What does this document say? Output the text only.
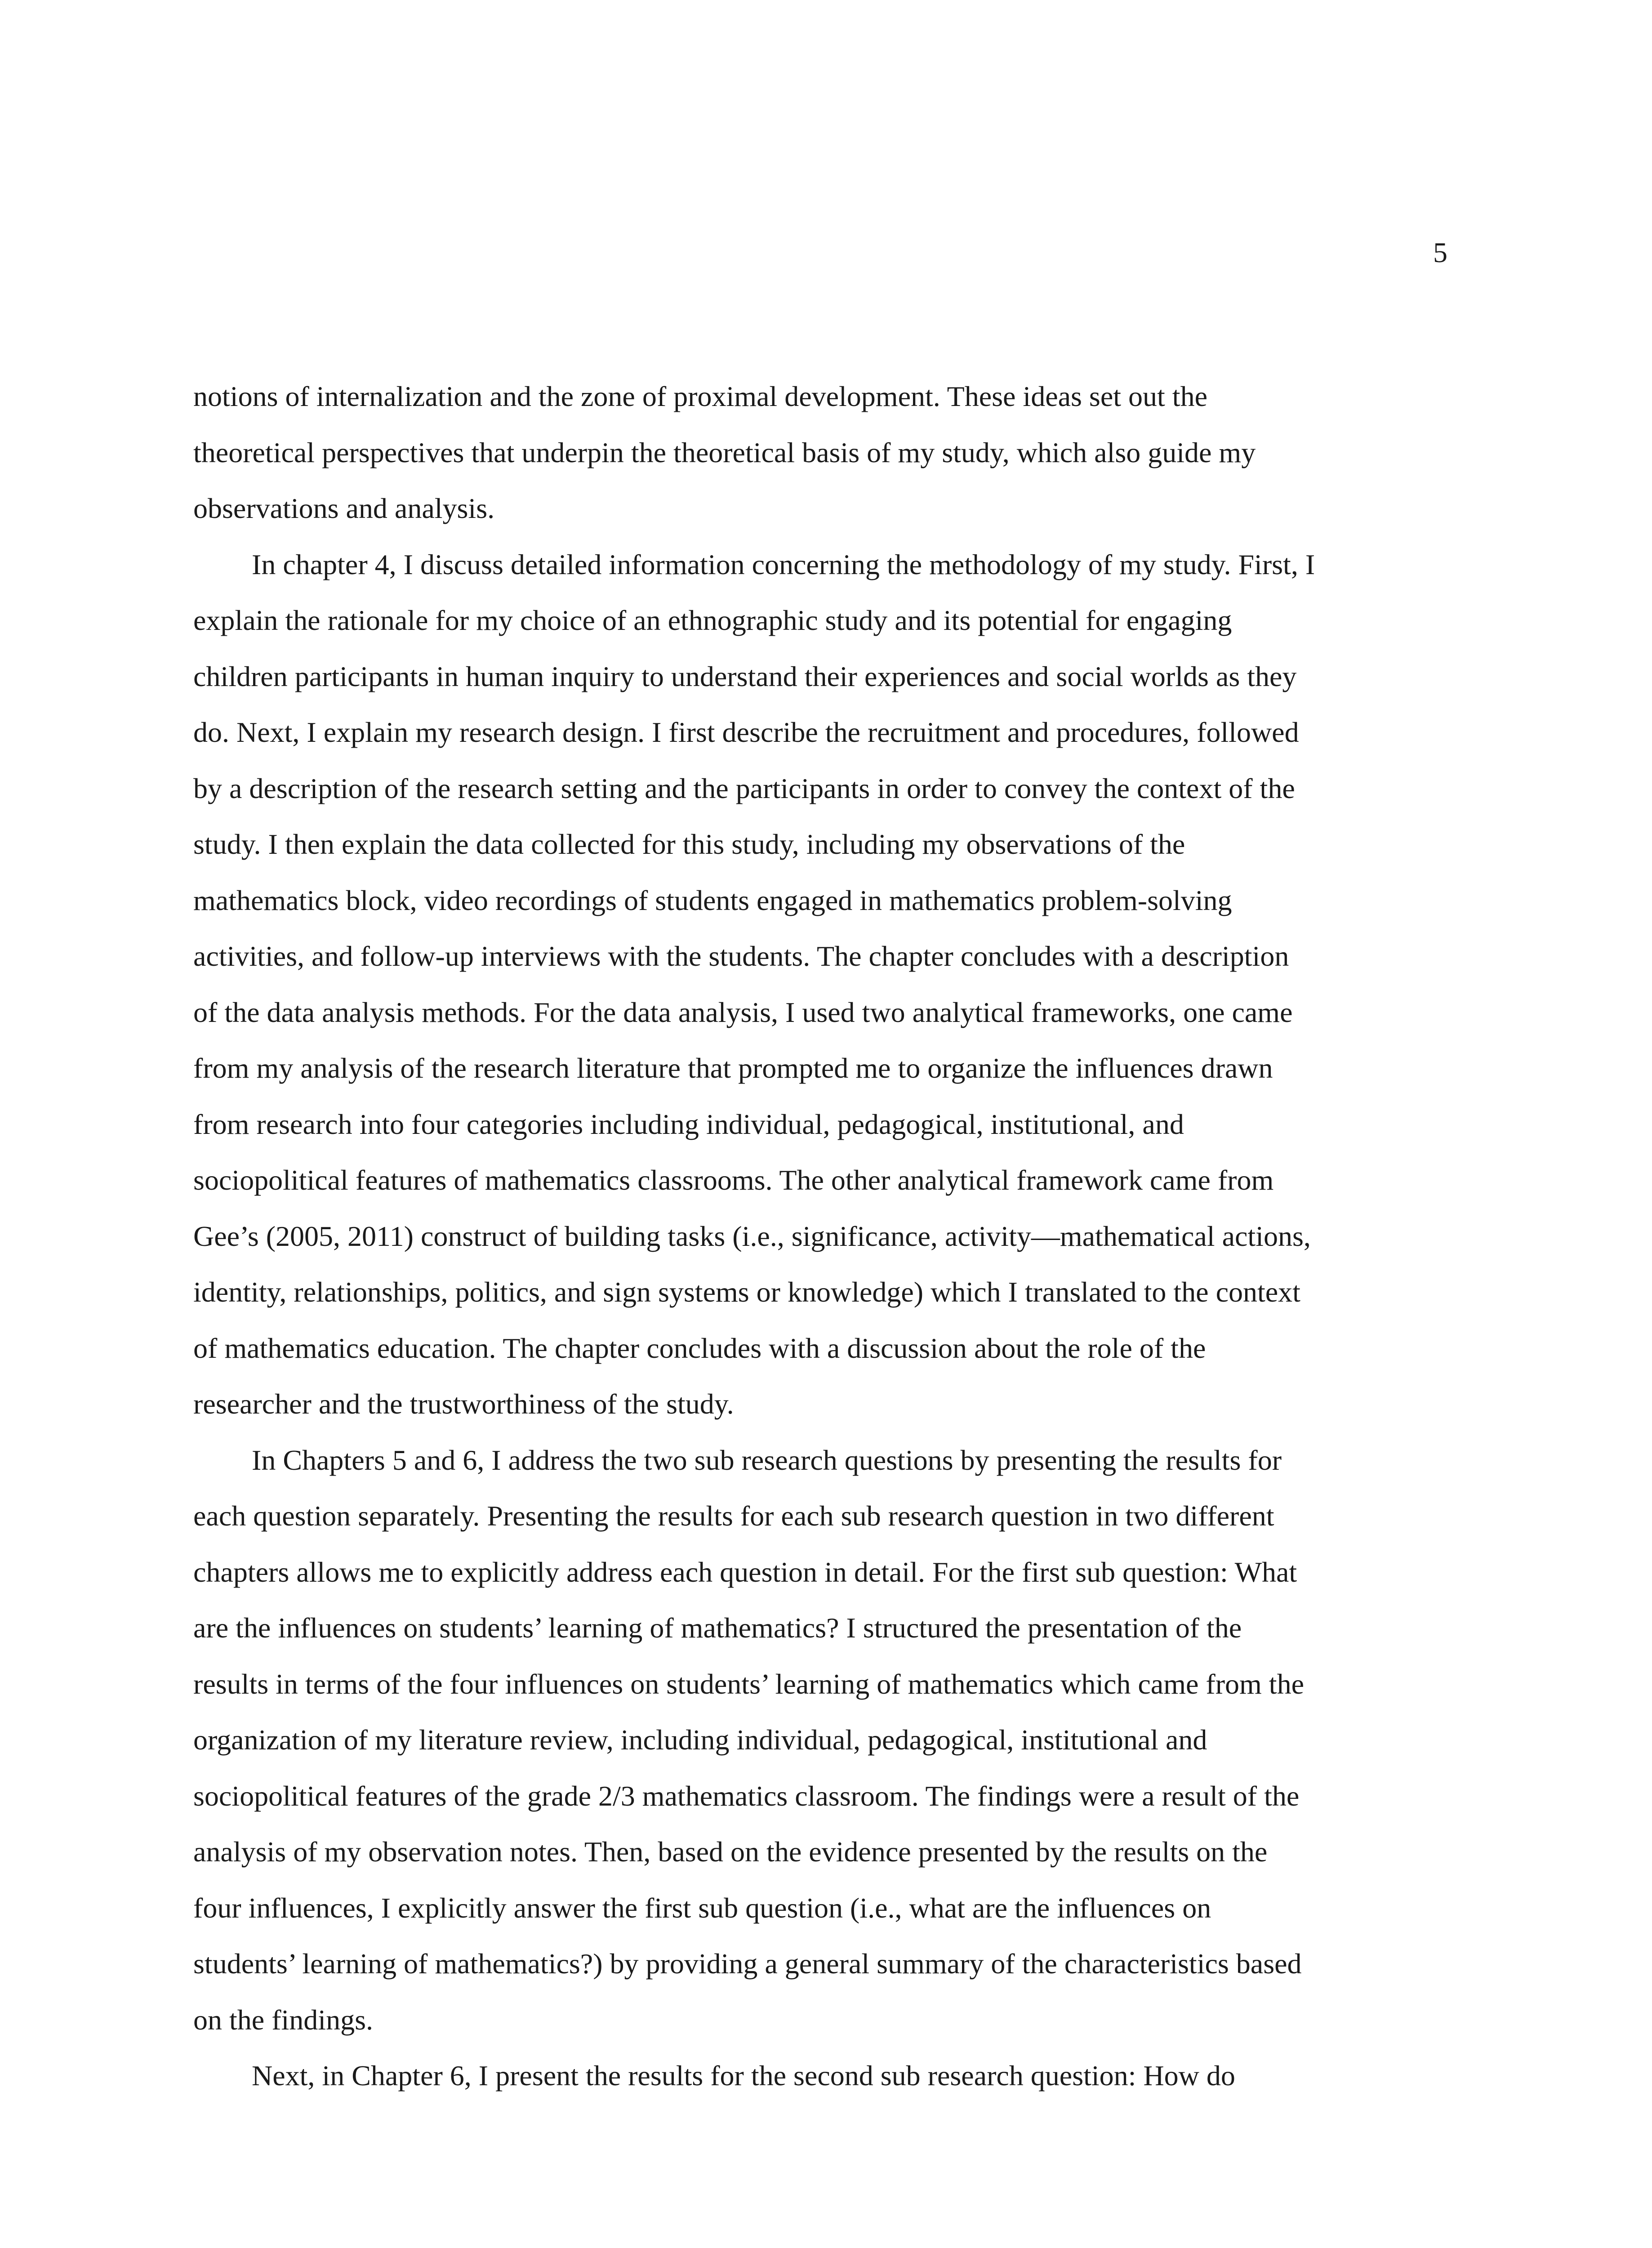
5
notions of internalization and the zone of proximal development. These ideas set out the
theoretical perspectives that underpin the theoretical basis of my study, which also guide my
observations and analysis.
In chapter 4, I discuss detailed information concerning the methodology of my study. First, I
explain the rationale for my choice of an ethnographic study and its potential for engaging
children participants in human inquiry to understand their experiences and social worlds as they
do. Next, I explain my research design. I first describe the recruitment and procedures, followed
by a description of the research setting and the participants in order to convey the context of the
study. I then explain the data collected for this study, including my observations of the
mathematics block, video recordings of students engaged in mathematics problem-solving
activities, and follow-up interviews with the students. The chapter concludes with a description
of the data analysis methods. For the data analysis, I used two analytical frameworks, one came
from my analysis of the research literature that prompted me to organize the influences drawn
from research into four categories including individual, pedagogical, institutional, and
sociopolitical features of mathematics classrooms. The other analytical framework came from
Gee’s (2005, 2011) construct of building tasks (i.e., significance, activity—mathematical actions,
identity, relationships, politics, and sign systems or knowledge) which I translated to the context
of mathematics education. The chapter concludes with a discussion about the role of the
researcher and the trustworthiness of the study.
In Chapters 5 and 6, I address the two sub research questions by presenting the results for
each question separately. Presenting the results for each sub research question in two different
chapters allows me to explicitly address each question in detail. For the first sub question: What
are the influences on students’ learning of mathematics? I structured the presentation of the
results in terms of the four influences on students’ learning of mathematics which came from the
organization of my literature review, including individual, pedagogical, institutional and
sociopolitical features of the grade 2/3 mathematics classroom. The findings were a result of the
analysis of my observation notes. Then, based on the evidence presented by the results on the
four influences, I explicitly answer the first sub question (i.e., what are the influences on
students’ learning of mathematics?) by providing a general summary of the characteristics based
on the findings.
Next, in Chapter 6, I present the results for the second sub research question: How do
